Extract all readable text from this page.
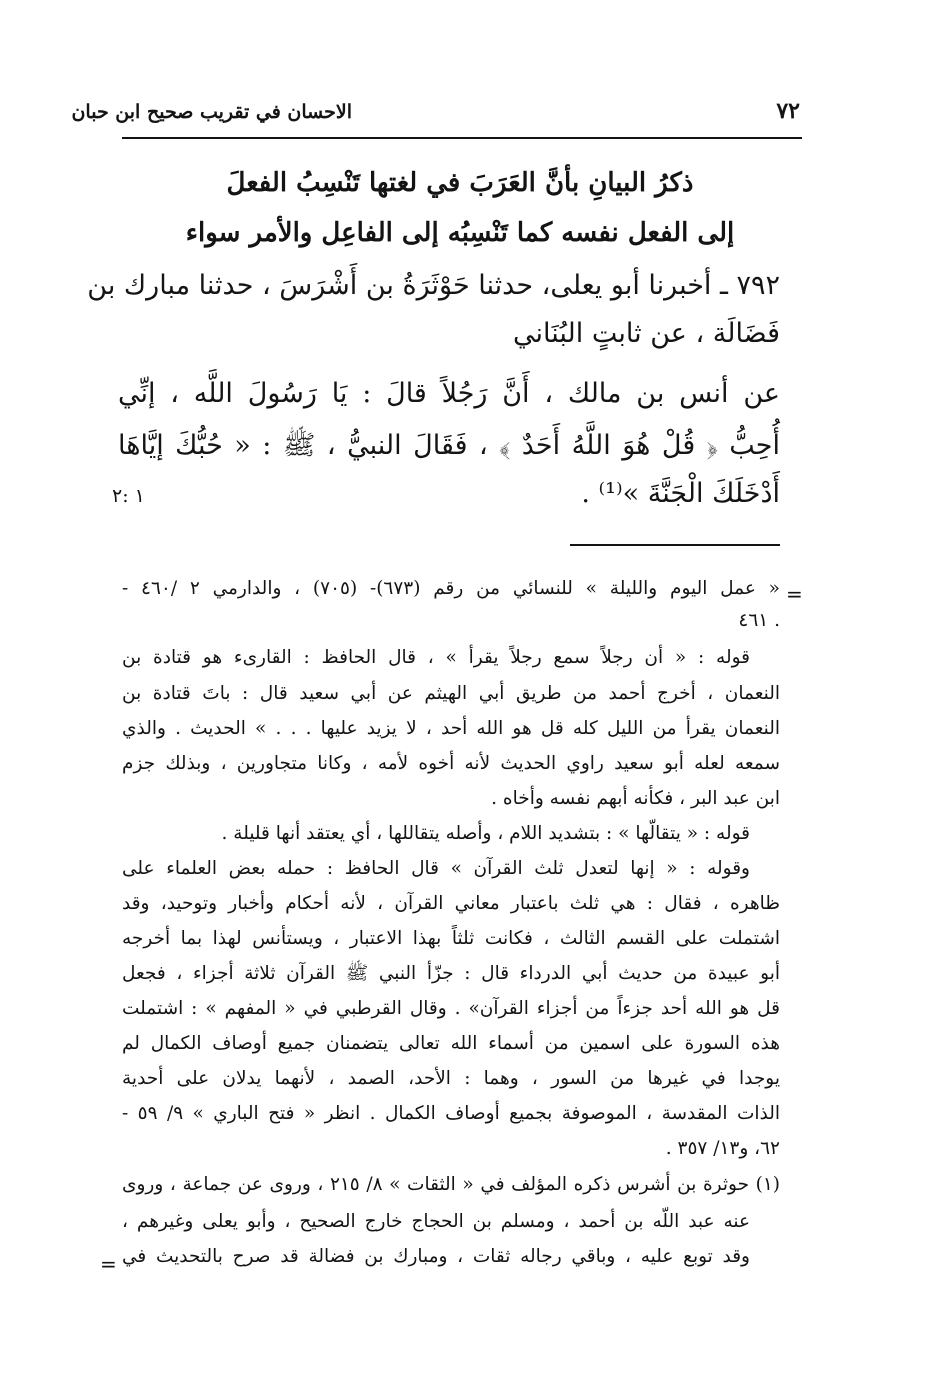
٧٢
الاحسان في تقريب صحيح ابن حبان
ذكرُ البيانِ بأنَّ العَرَبَ في لغتها تَنْسِبُ الفعلَ
إلى الفعل نفسه كما تَنْسِبُه إلى الفاعِل والأمر سواء
٧٩٢ ـ أخبرنا أبو يعلى، حدثنا حَوْثَرَةُ بن أَشْرَسَ ، حدثنا مبارك بن
فَضَالَة ، عن ثابتٍ البُنَاني
عن أنس بن مالك ، أَنَّ رَجُلاً قالَ : يَا رَسُولَ اللَّه ، إنِّي
أُحِبُّ ﴿ قُلْ هُوَ اللَّهُ أَحَدٌ ﴾ ، فَقَالَ النبيُّ ، ﷺ : « حُبُّكَ إيَّاهَا
أَدْخَلَكَ الْجَنَّةَ »⁽¹⁾ .
١ :٢
=
=
« عمل اليوم والليلة » للنسائي من رقم (٦٧٣)- (٧٠٥) ، والدارمي ٢ /٤٦٠ -
٤٦١ .
قوله : « أن رجلاً سمع رجلاً يقرأ » ، قال الحافظ : القارىء هو قتادة بن
النعمان ، أخرج أحمد من طريق أبي الهيثم عن أبي سعيد قال : باتَ قتادة بن
النعمان يقرأ من الليل كله قل هو الله أحد ، لا يزيد عليها . . . » الحديث . والذي
سمعه لعله أبو سعيد راوي الحديث لأنه أخوه لأمه ، وكانا متجاورين ، وبذلك جزم
ابن عبد البر ، فكأنه أبهم نفسه وأخاه .
قوله : « يتقالّها » : بتشديد اللام ، وأصله يتقاللها ، أي يعتقد أنها قليلة .
وقوله : « إنها لتعدل ثلث القرآن » قال الحافظ : حمله بعض العلماء على
ظاهره ، فقال : هي ثلث باعتبار معاني القرآن ، لأنه أحكام وأخبار وتوحيد، وقد
اشتملت على القسم الثالث ، فكانت ثلثاً بهذا الاعتبار ، ويستأنس لهذا بما أخرجه
أبو عبيدة من حديث أبي الدرداء قال : جزّأ النبي ﷺ القرآن ثلاثة أجزاء ، فجعل
قل هو الله أحد جزءاً من أجزاء القرآن» . وقال القرطبي في « المفهم » : اشتملت
هذه السورة على اسمين من أسماء الله تعالى يتضمنان جميع أوصاف الكمال لم
يوجدا في غيرها من السور ، وهما : الأحد، الصمد ، لأنهما يدلان على أحدية
الذات المقدسة ، الموصوفة بجميع أوصاف الكمال . انظر « فتح الباري » ٩/ ٥٩ -
٦٢، و١٣/ ٣٥٧ .
(١) حوثرة بن أشرس ذكره المؤلف في « الثقات » ٨/ ٢١٥ ، وروى عن جماعة ، وروى
عنه عبد اللّه بن أحمد ، ومسلم بن الحجاج خارج الصحيح ، وأبو يعلى وغيرهم ،
وقد توبع عليه ، وباقي رجاله ثقات ، ومبارك بن فضالة قد صرح بالتحديث في
